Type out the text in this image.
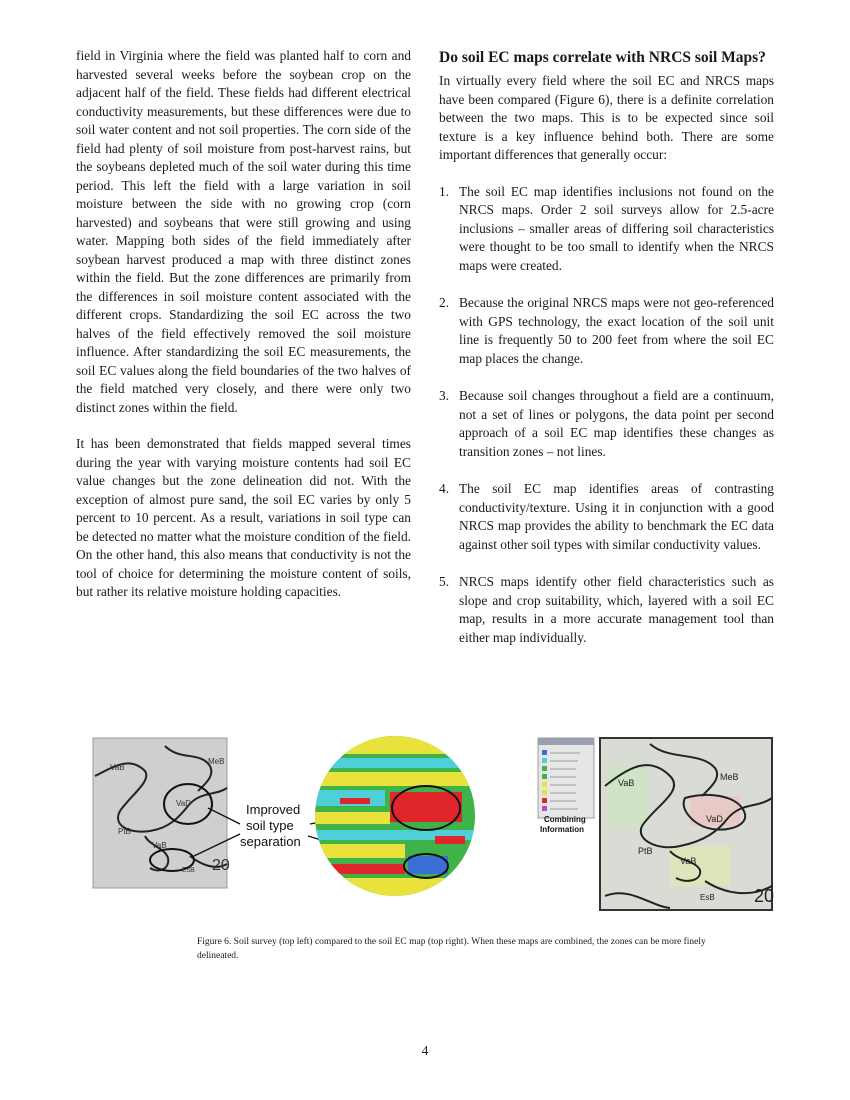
field in Virginia where the field was planted half to corn and harvested several weeks before the soybean crop on the adjacent half of the field. These fields had different electrical conductivity measurements, but these differences were due to soil water content and not soil properties. The corn side of the field had plenty of soil moisture from post-harvest rains, but the soybeans depleted much of the soil water during this time period. This left the field with a large variation in soil moisture between the side with no growing crop (corn harvested) and soybeans that were still growing and using water. Mapping both sides of the field immediately after soybean harvest produced a map with three distinct zones within the field. But the zone differences are primarily from the differences in soil moisture content associated with the different crops. Standardizing the soil EC across the two halves of the field effectively removed the soil moisture influence. After standardizing the soil EC measurements, the soil EC values along the field boundaries of the two halves of the field matched very closely, and there were only two distinct zones within the field.

It has been demonstrated that fields mapped several times during the year with varying moisture contents had soil EC value changes but the zone delineation did not. With the exception of almost pure sand, the soil EC varies by only 5 percent to 10 percent. As a result, variations in soil type can be detected no matter what the moisture condition of the field. On the other hand, this also means that conductivity is not the tool of choice for determining the moisture content of soils, but rather its relative moisture holding capacities.

Do soil EC maps correlate with NRCS soil Maps?

In virtually every field where the soil EC and NRCS maps have been compared (Figure 6), there is a definite correlation between the two maps. This is to be expected since soil texture is a key influence behind both. There are some important differences that generally occur:

1. The soil EC map identifies inclusions not found on the NRCS maps. Order 2 soil surveys allow for 2.5-acre inclusions – smaller areas of differing soil characteristics were thought to be too small to identify when the NRCS maps were created.
2. Because the original NRCS maps were not geo-referenced with GPS technology, the exact location of the soil unit line is frequently 50 to 200 feet from where the soil EC map places the change.
3. Because soil changes throughout a field are a continuum, not a set of lines or polygons, the data point per second approach of a soil EC map identifies these changes as transition zones – not lines.
4. The soil EC map identifies areas of contrasting conductivity/texture. Using it in conjunction with a good NRCS map provides the ability to benchmark the EC data against other soil types with similar conductivity values.
5. NRCS maps identify other field characteristics such as slope and crop suitability, which, layered with a soil EC map, results in a more accurate management tool than either map individually.
VaB
MeB
VaD
PtB
VaB
EsB 20
Improved
soil type
separation
Combining
Information
VaB
MeB
VaD
PtB
VaB
EsB 20
Figure 6. Soil survey (top left) compared to the soil EC map (top right). When these maps are combined, the zones can be more finely delineated.
4
